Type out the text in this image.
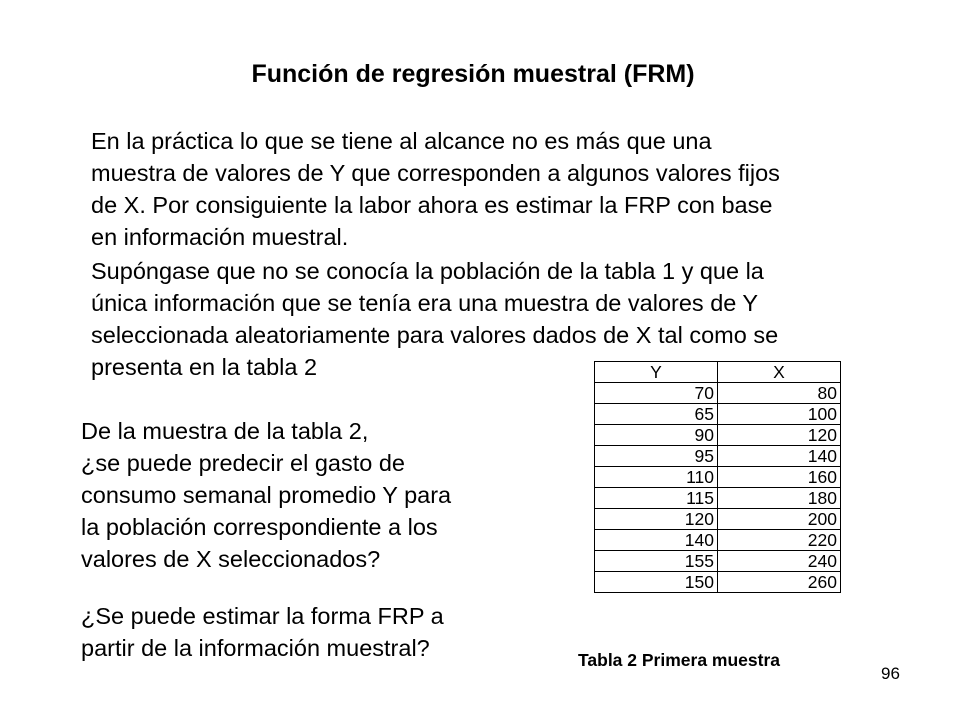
Función de regresión muestral (FRM)
En la práctica lo que se tiene al alcance no es más que una
muestra de valores de Y que corresponden a algunos valores fijos
de X. Por consiguiente la labor ahora es estimar la FRP con base
en información muestral.
Supóngase que no se conocía la población de la tabla 1 y que la
única información que se tenía era una muestra de valores de Y
seleccionada aleatoriamente para valores dados de X tal como se
presenta en la tabla 2
De la muestra de la tabla 2,
¿se puede predecir el gasto de
consumo semanal promedio Y para
la población correspondiente a los
valores de X seleccionados?
¿Se puede estimar la forma FRP a
partir de la información muestral?
Y	X
70	80
65	100
90	120
95	140
110	160
115	180
120	200
140	220
155	240
150	260
Tabla 2 Primera muestra
96
